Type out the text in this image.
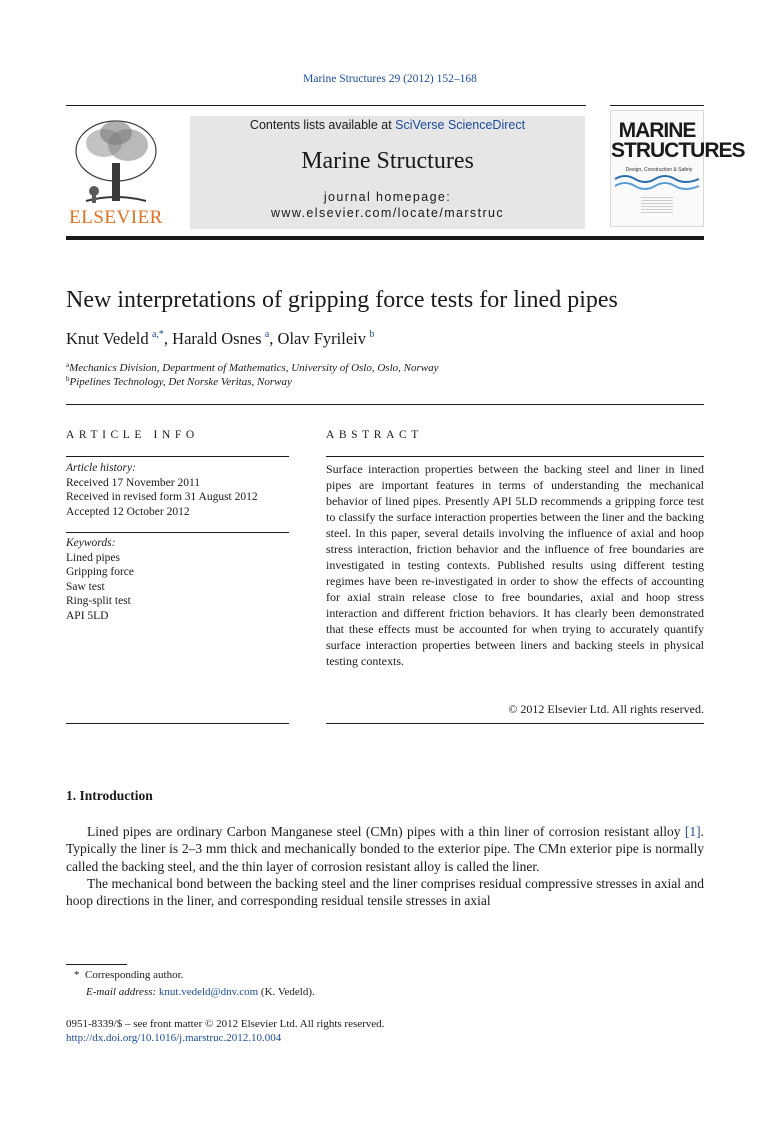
Marine Structures 29 (2012) 152–168
ELSEVIER
Contents lists available at SciVerse ScienceDirect
Marine Structures
journal homepage: www.elsevier.com/locate/marstruc
MARINE STRUCTURES
Design, Construction & Safety
New interpretations of gripping force tests for lined pipes
Knut Vedeld  $^{a,*}$, Harald Osnes  $^a$, Olav Fyrileiv  $^b$
$^a$Mechanics Division, Department of Mathematics, University of Oslo, Oslo, Norway
$^b$Pipelines Technology, Det Norske Veritas, Norway
ARTICLE INFO
Article history:
Received 17 November 2011
Received in revised form 31 August 2012
Accepted 12 October 2012
Keywords:
Lined pipes
Gripping force
Saw test
Ring-split test
API 5LD
ABSTRACT
Surface interaction properties between the backing steel and liner in lined pipes are important features in terms of understanding the mechanical behavior of lined pipes. Presently API 5LD recommends a gripping force test to classify the surface interaction properties between the liner and the backing steel. In this paper, several details involving the influence of axial and hoop stress interaction, friction behavior and the influence of free boundaries are investigated in testing contexts. Published results using different testing regimes have been re-investigated in order to show the effects of accounting for axial strain release close to free boundaries, axial and hoop stress interaction and different friction behaviors. It has clearly been demonstrated that these effects must be accounted for when trying to accurately quantify surface interaction properties between liners and backing steels in physical testing contexts.
© 2012 Elsevier Ltd. All rights reserved.
1. Introduction

Lined pipes are ordinary Carbon Manganese steel (CMn) pipes with a thin liner of corrosion resistant alloy [1]. Typically the liner is 2–3 mm thick and mechanically bonded to the exterior pipe. The CMn exterior pipe is normally called the backing steel, and the thin layer of corrosion resistant alloy is called the liner.

The mechanical bond between the backing steel and the liner comprises residual compressive stresses in axial and hoop directions in the liner, and corresponding residual tensile stresses in axial

* Corresponding author.
E-mail address: knut.vedeld@dnv.com (K. Vedeld).
0951-8339/$ – see front matter © 2012 Elsevier Ltd. All rights reserved.
http://dx.doi.org/10.1016/j.marstruc.2012.10.004
